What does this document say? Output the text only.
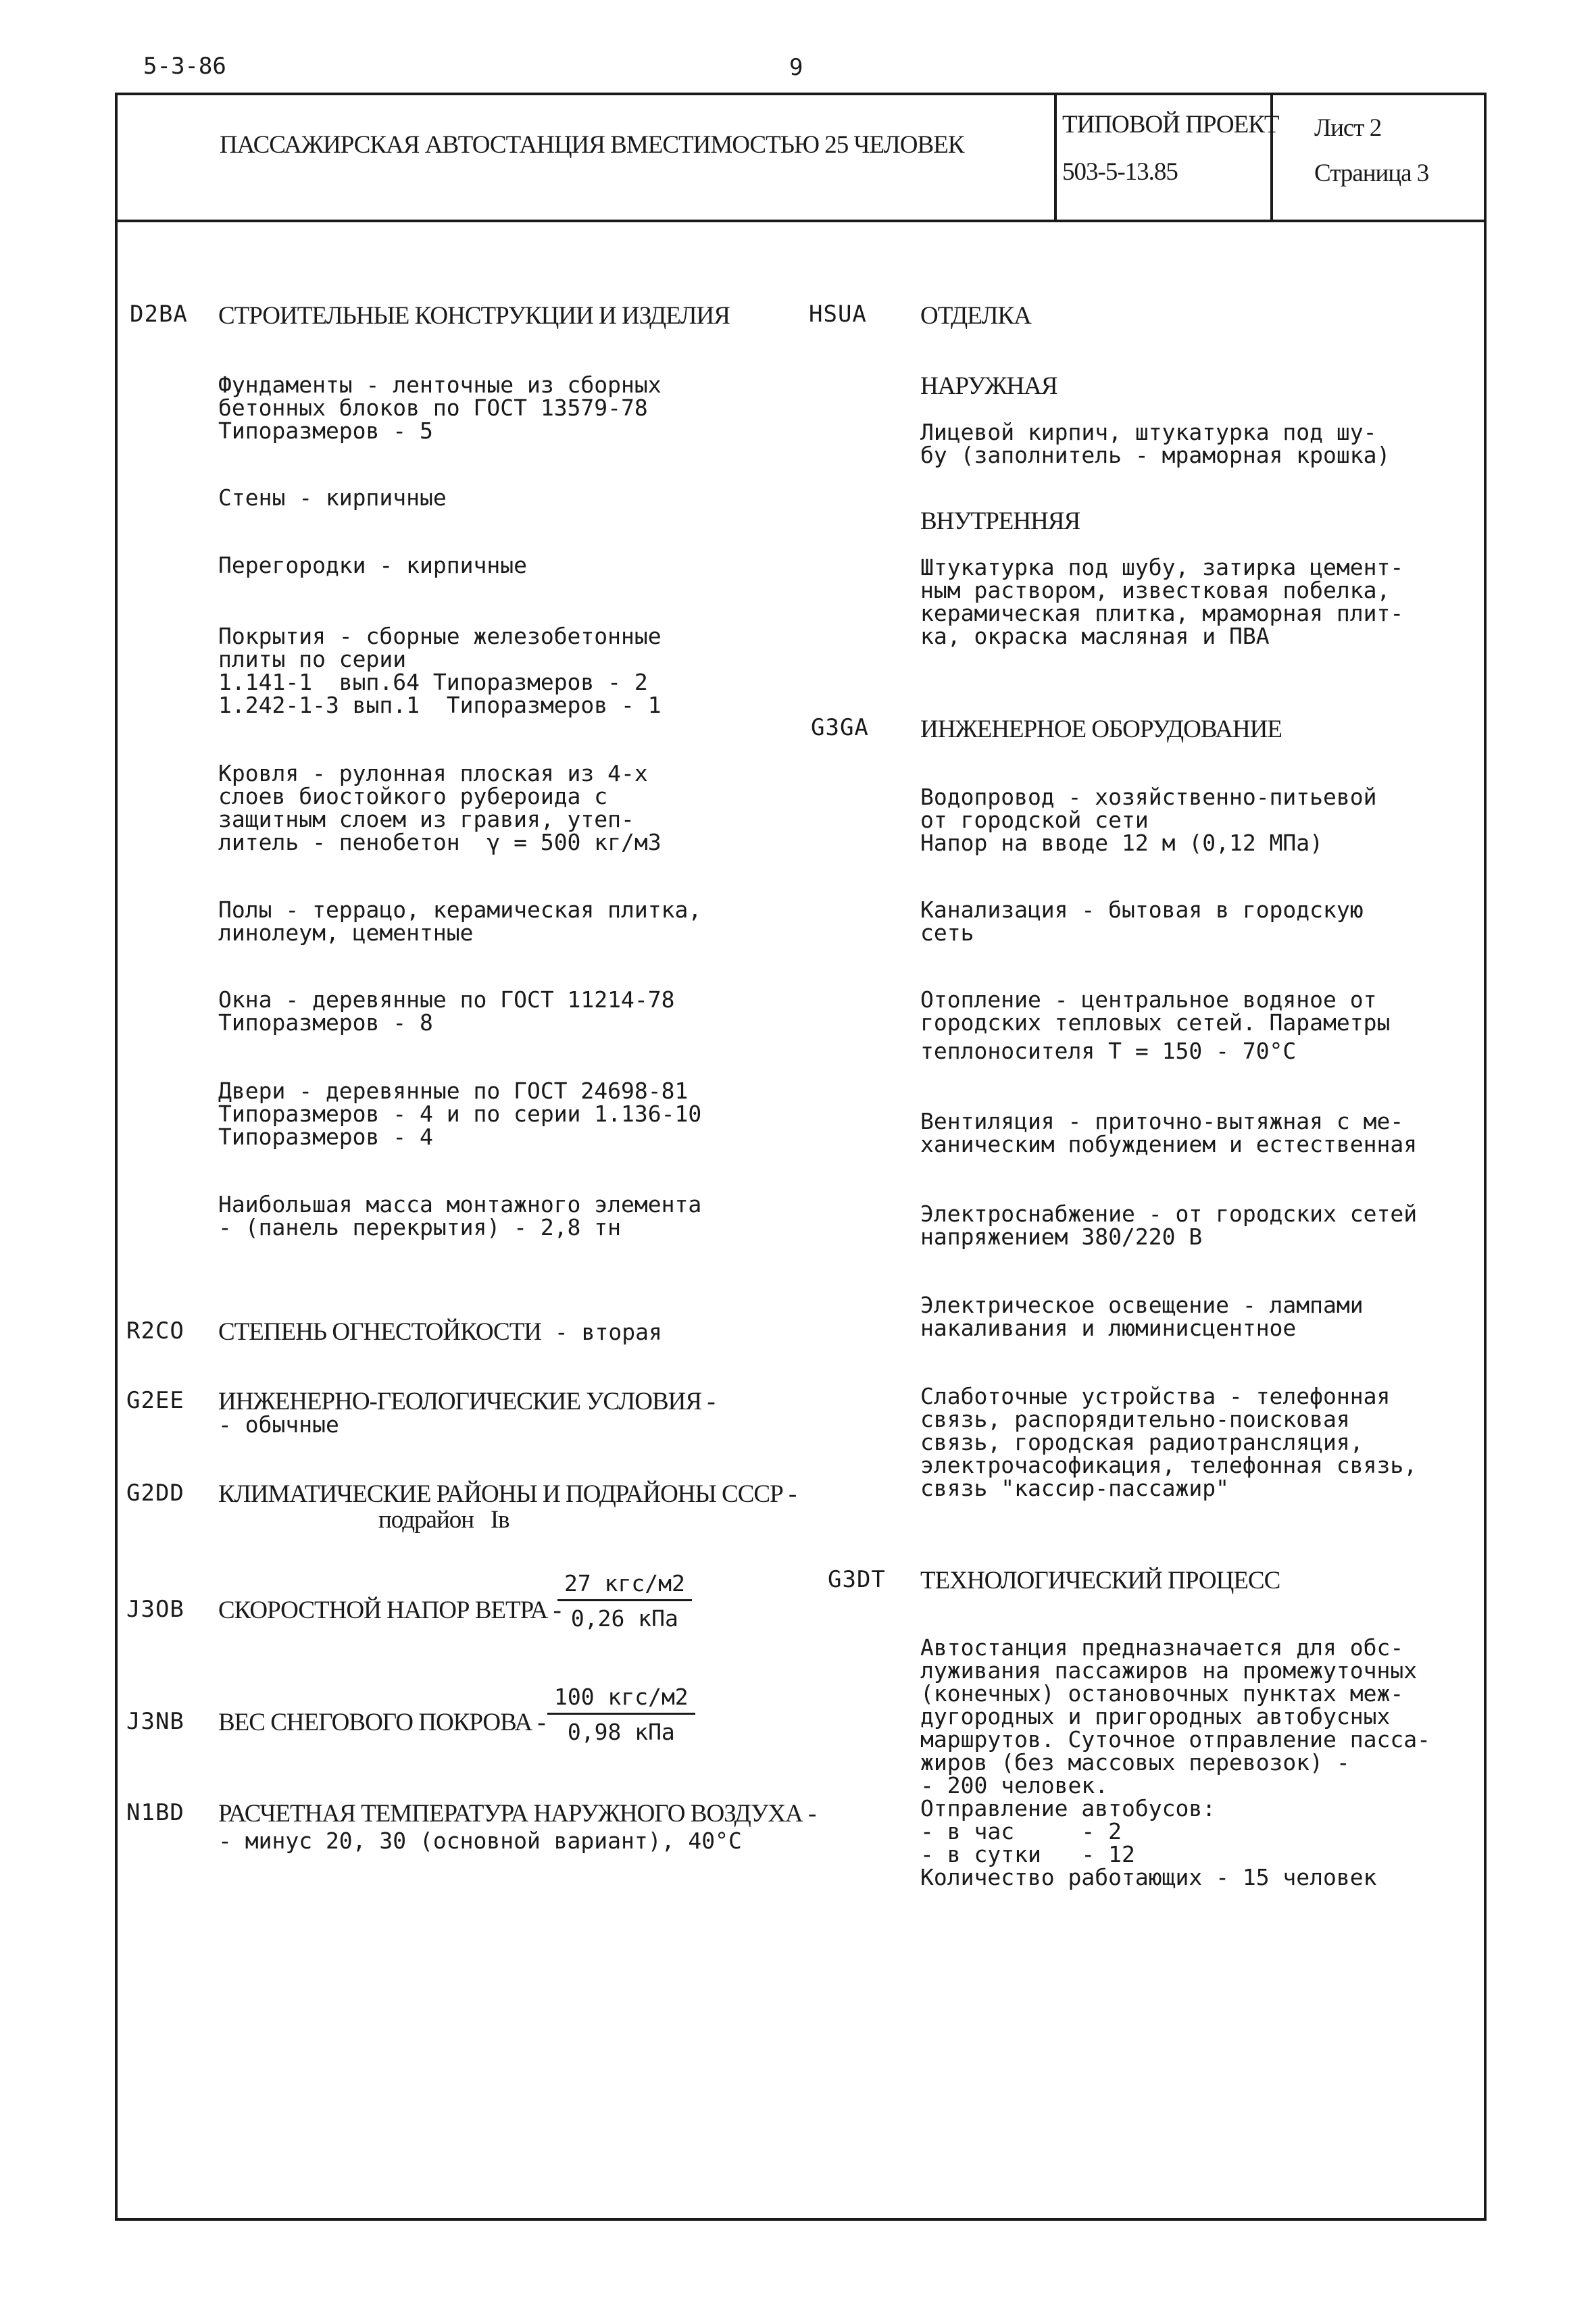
5-3-86	9
ПАССАЖИРСКАЯ АВТОСТАНЦИЯ ВМЕСТИМОСТЬЮ 25 ЧЕЛОВЕК
ТИПОВОЙ ПРОЕКТ
503-5-13.85
Лист 2
Страница 3
D2BA СТРОИТЕЛЬНЫЕ КОНСТРУКЦИИ И ИЗДЕЛИЯ
Фундаменты - ленточные из сборных
бетонных блоков по ГОСТ 13579-78
Типоразмеров - 5
Стены - кирпичные
Перегородки - кирпичные
Покрытия - сборные железобетонные
плиты по серии
1.141-1  вып.64 Типоразмеров - 2
1.242-1-3 вып.1  Типоразмеров - 1
Кровля - рулонная плоская из 4-х
слоев биостойкого рубероида с
защитным слоем из гравия, утеп-
литель - пенобетон  γ = 500 кг/м3
Полы - террацо, керамическая плитка,
линолеум, цементные
Окна - деревянные по ГОСТ 11214-78
Типоразмеров - 8
Двери - деревянные по ГОСТ 24698-81
Типоразмеров - 4 и по серии 1.136-10
Типоразмеров - 4
Наибольшая масса монтажного элемента
- (панель перекрытия) - 2,8 тн
R2CO СТЕПЕНЬ ОГНЕСТОЙКОСТИ - вторая
G2EE ИНЖЕНЕРНО-ГЕОЛОГИЧЕСКИЕ УСЛОВИЯ -
- обычные
G2DD КЛИМАТИЧЕСКИЕ РАЙОНЫ И ПОДРАЙОНЫ СССР -
подрайон   Iв
J3OB СКОРОСТНОЙ НАПОР ВЕТРА -
27 кгс/м2
0,26 кПа
J3NB ВЕС СНЕГОВОГО ПОКРОВА -
100 кгс/м2
0,98 кПа
N1BD РАСЧЕТНАЯ ТЕМПЕРАТУРА НАРУЖНОГО ВОЗДУХА -
- минус 20, 30 (основной вариант), 40°С
HSUA ОТДЕЛКА
НАРУЖНАЯ
Лицевой кирпич, штукатурка под шу-
бу (заполнитель - мраморная крошка)
ВНУТРЕННЯЯ
Штукатурка под шубу, затирка цемент-
ным раствором, известковая побелка,
керамическая плитка, мраморная плит-
ка, окраска масляная и ПВА
G3GA ИНЖЕНЕРНОЕ ОБОРУДОВАНИЕ
Водопровод - хозяйственно-питьевой
от городской сети
Напор на вводе 12 м (0,12 МПа)
Канализация - бытовая в городскую
сеть
Отопление - центральное водяное от
городских тепловых сетей. Параметры
теплоносителя Т = 150 - 70°С
Вентиляция - приточно-вытяжная с ме-
ханическим побуждением и естественная
Электроснабжение - от городских сетей
напряжением 380/220 В
Электрическое освещение - лампами
накаливания и люминисцентное
Слаботочные устройства - телефонная
связь, распорядительно-поисковая
связь, городская радиотрансляция,
электрочасофикация, телефонная связь,
связь "кассир-пассажир"
G3DT ТЕХНОЛОГИЧЕСКИЙ ПРОЦЕСС
Автостанция предназначается для обс-
луживания пассажиров на промежуточных
(конечных) остановочных пунктах меж-
дугородных и пригородных автобусных
маршрутов. Суточное отправление пасса-
жиров (без массовых перевозок) -
- 200 человек.
Отправление автобусов:
- в час     - 2
- в сутки   - 12
Количество работающих - 15 человек
